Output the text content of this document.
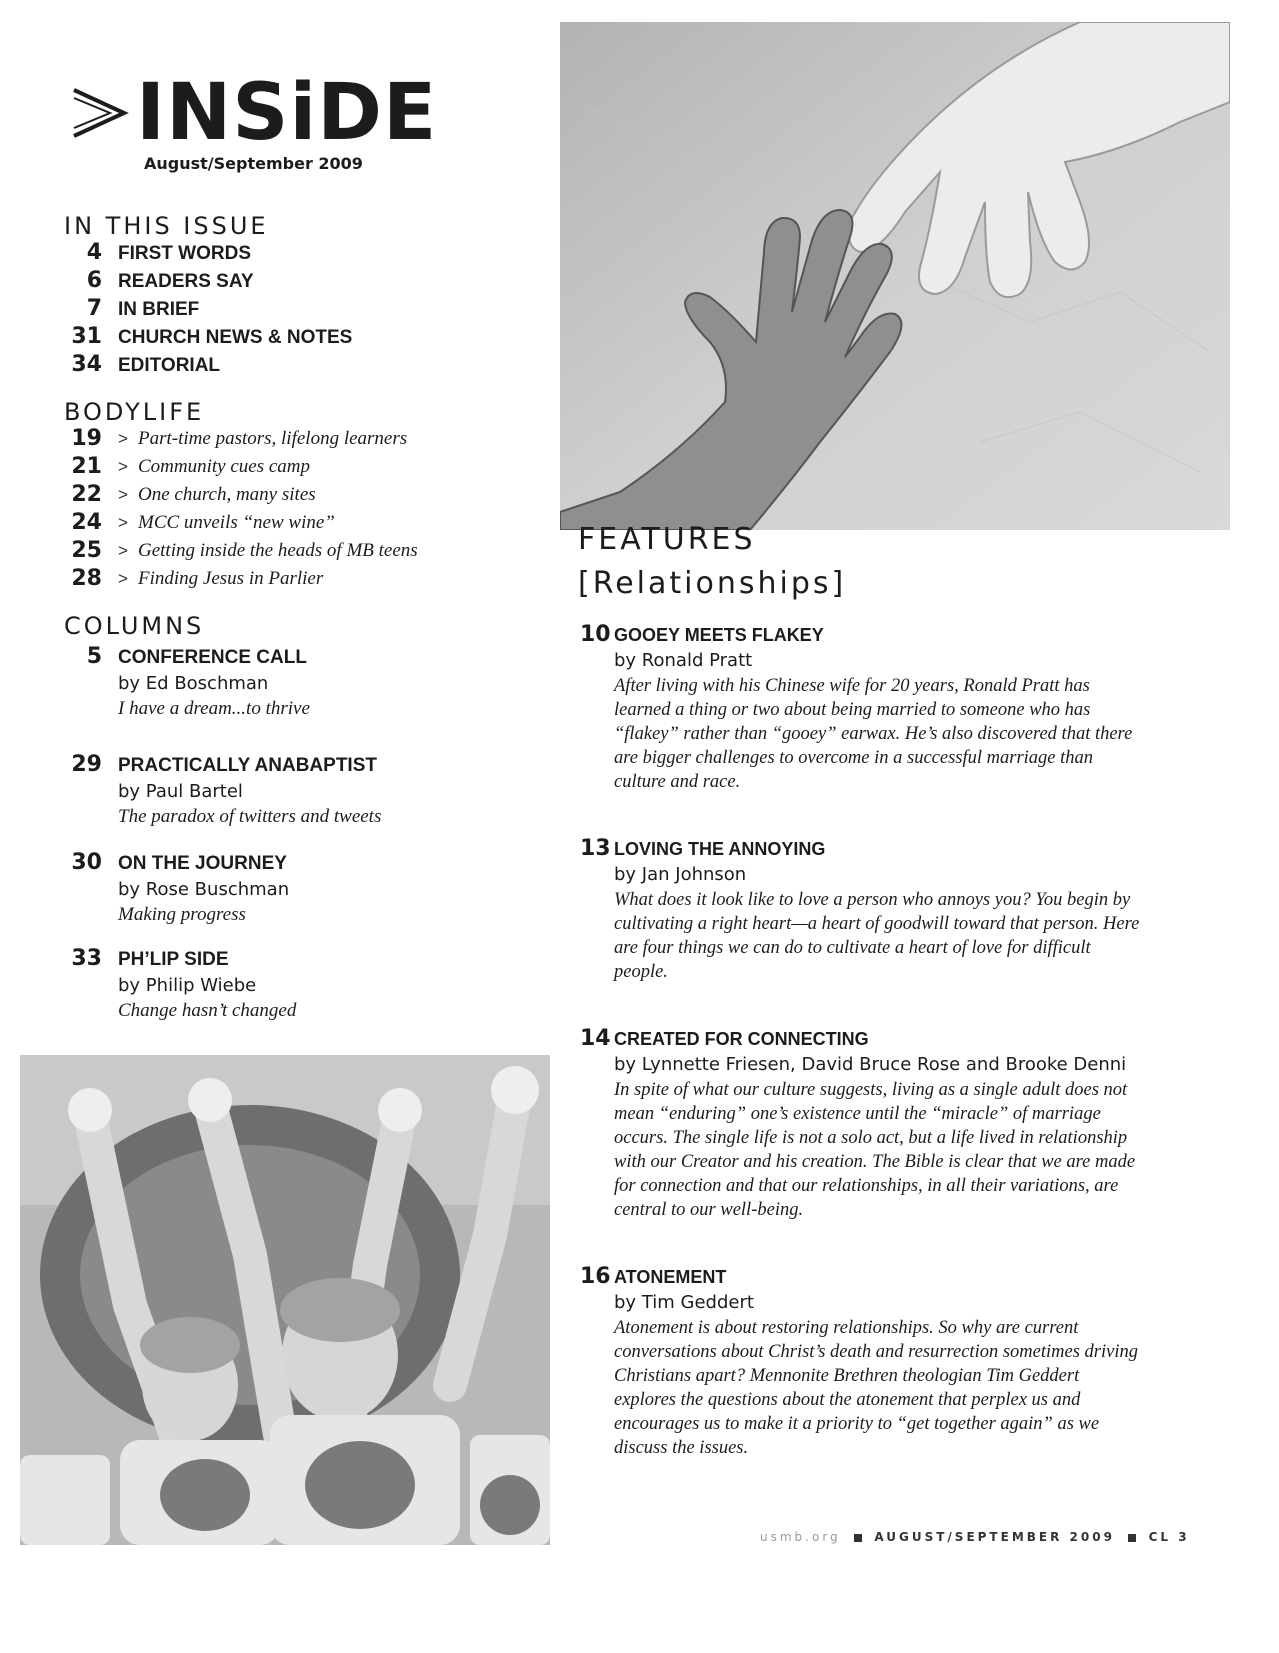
INSiDE
August/September 2009
IN THIS ISSUE
4 FIRST WORDS
6 READERS SAY
7 IN BRIEF
31 CHURCH NEWS & NOTES
34 EDITORIAL
BODYLIFE
19 > Part-time pastors, lifelong learners
21 > Community cues camp
22 > One church, many sites
24 > MCC unveils “new wine”
25 > Getting inside the heads of MB teens
28 > Finding Jesus in Parlier
COLUMNS
5 CONFERENCE CALL
by Ed Boschman
I have a dream...to thrive
29 PRACTICALLY ANABAPTIST
by Paul Bartel
The paradox of twitters and tweets
30 ON THE JOURNEY
by Rose Buschman
Making progress
33 PH’LIP SIDE
by Philip Wiebe
Change hasn’t changed
FEATURES
[Relationships]
10 GOOEY MEETS FLAKEY
by Ronald Pratt
After living with his Chinese wife for 20 years, Ronald Pratt has learned a thing or two about being married to someone who has “flakey” rather than “gooey” earwax. He’s also discovered that there are bigger challenges to overcome in a successful marriage than culture and race.
13 LOVING THE ANNOYING
by Jan Johnson
What does it look like to love a person who annoys you? You begin by cultivating a right heart—a heart of goodwill toward that person. Here are four things we can do to cultivate a heart of love for difficult people.
14 CREATED FOR CONNECTING
by Lynnette Friesen, David Bruce Rose and Brooke Denni
In spite of what our culture suggests, living as a single adult does not mean “enduring” one’s existence until the “miracle” of marriage occurs. The single life is not a solo act, but a life lived in relationship with our Creator and his creation. The Bible is clear that we are made for connection and that our relationships, in all their variations, are central to our well-being.
16 ATONEMENT
by Tim Geddert
Atonement is about restoring relationships. So why are current conversations about Christ’s death and resurrection sometimes driving Christians apart? Mennonite Brethren theologian Tim Geddert explores the questions about the atonement that perplex us and encourages us to make it a priority to “get together again” as we discuss the issues.
usmb.org	AUGUST/SEPTEMBER 2009	CL 3
